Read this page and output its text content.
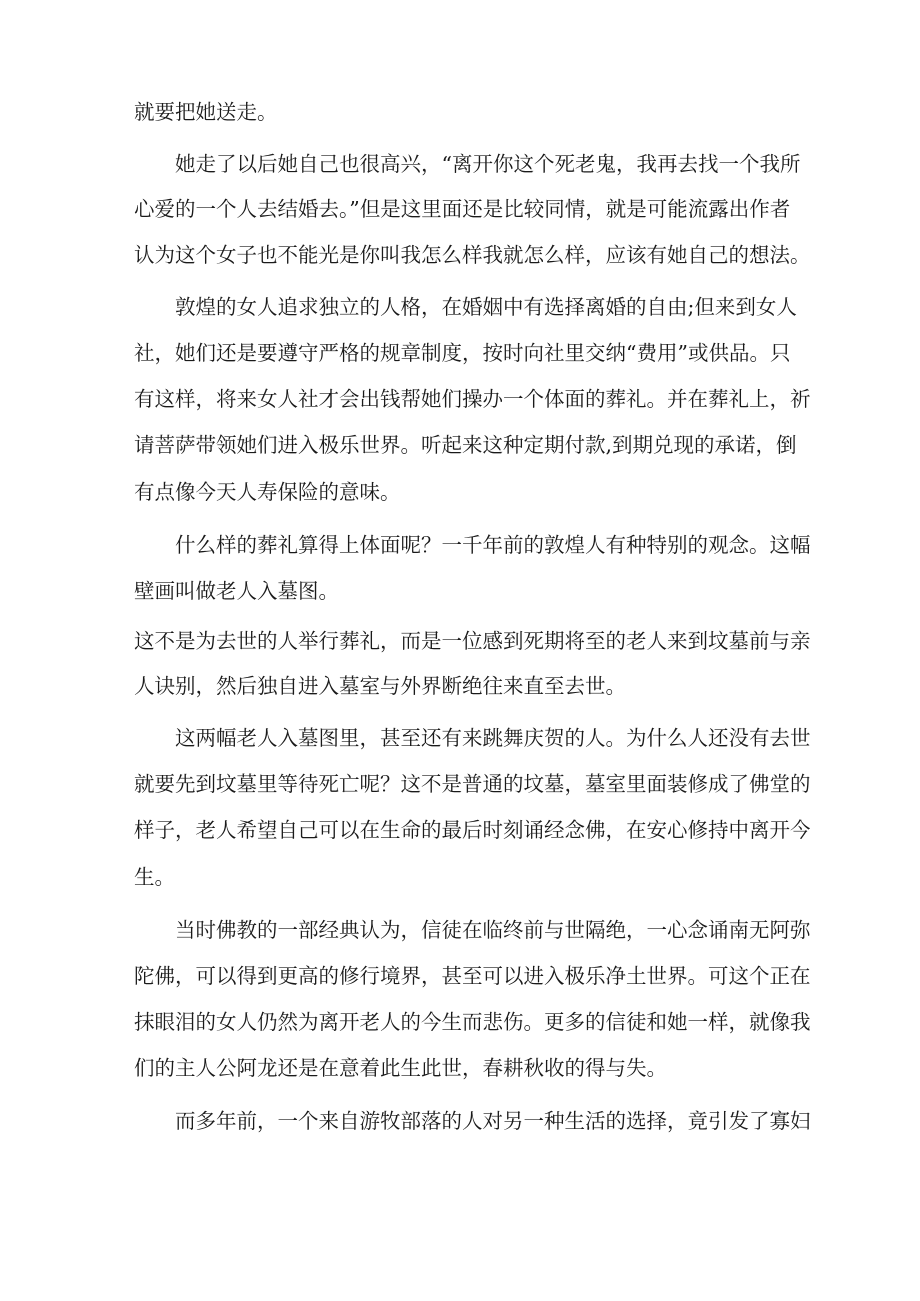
就要把她送走。

她走了以后她自己也很高兴，“离开你这个死老鬼，我再去找一个我所

心爱的一个人去结婚去。”但是这里面还是比较同情，就是可能流露出作者

认为这个女子也不能光是你叫我怎么样我就怎么样，应该有她自己的想法。

敦煌的女人追求独立的人格，在婚姻中有选择离婚的自由;但来到女人

社，她们还是要遵守严格的规章制度，按时向社里交纳“费用”或供品。只

有这样，将来女人社才会出钱帮她们操办一个体面的葬礼。并在葬礼上，祈

请菩萨带领她们进入极乐世界。听起来这种定期付款,到期兑现的承诺，倒

有点像今天人寿保险的意味。

什么样的葬礼算得上体面呢？一千年前的敦煌人有种特别的观念。这幅

壁画叫做老人入墓图。

这不是为去世的人举行葬礼，而是一位感到死期将至的老人来到坟墓前与亲

人诀别，然后独自进入墓室与外界断绝往来直至去世。

这两幅老人入墓图里，甚至还有来跳舞庆贺的人。为什么人还没有去世

就要先到坟墓里等待死亡呢？这不是普通的坟墓，墓室里面装修成了佛堂的

样子，老人希望自己可以在生命的最后时刻诵经念佛，在安心修持中离开今

生。

当时佛教的一部经典认为，信徒在临终前与世隔绝，一心念诵南无阿弥

陀佛，可以得到更高的修行境界，甚至可以进入极乐净土世界。可这个正在

抹眼泪的女人仍然为离开老人的今生而悲伤。更多的信徒和她一样，就像我

们的主人公阿龙还是在意着此生此世，春耕秋收的得与失。

而多年前，一个来自游牧部落的人对另一种生活的选择，竟引发了寡妇
